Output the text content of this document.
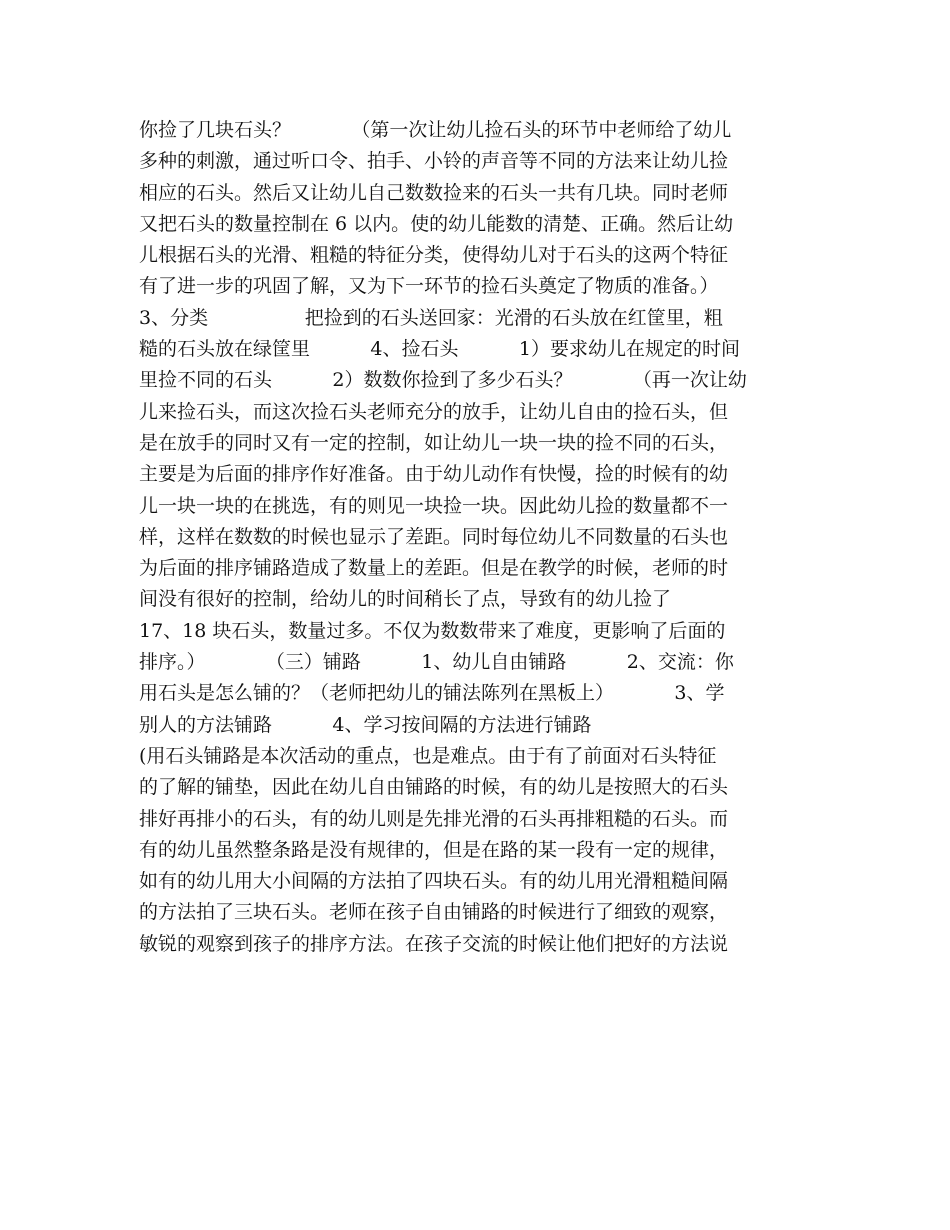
你捡了几块石头？          （第一次让幼儿捡石头的环节中老师给了幼儿
多种的刺激，通过听口令、拍手、小铃的声音等不同的方法来让幼儿捡
相应的石头。然后又让幼儿自己数数捡来的石头一共有几块。同时老师
又把石头的数量控制在 6 以内。使的幼儿能数的清楚、正确。然后让幼
儿根据石头的光滑、粗糙的特征分类，使得幼儿对于石头的这两个特征
有了进一步的巩固了解，又为下一环节的捡石头奠定了物质的准备。）
3、分类                把捡到的石头送回家：光滑的石头放在红筐里，粗
糙的石头放在绿筐里          4、捡石头          1）要求幼儿在规定的时间
里捡不同的石头          2）数数你捡到了多少石头？          （再一次让幼
儿来捡石头，而这次捡石头老师充分的放手，让幼儿自由的捡石头，但
是在放手的同时又有一定的控制，如让幼儿一块一块的捡不同的石头，
主要是为后面的排序作好准备。由于幼儿动作有快慢，捡的时候有的幼
儿一块一块的在挑选，有的则见一块捡一块。因此幼儿捡的数量都不一
样，这样在数数的时候也显示了差距。同时每位幼儿不同数量的石头也
为后面的排序铺路造成了数量上的差距。但是在教学的时候，老师的时
间没有很好的控制，给幼儿的时间稍长了点，导致有的幼儿捡了
17、18 块石头，数量过多。不仅为数数带来了难度，更影响了后面的
排序。）          （三）铺路          1、幼儿自由铺路          2、交流：你
用石头是怎么铺的？（老师把幼儿的铺法陈列在黑板上）          3、学
别人的方法铺路          4、学习按间隔的方法进行铺路
(用石头铺路是本次活动的重点，也是难点。由于有了前面对石头特征
的了解的铺垫，因此在幼儿自由铺路的时候，有的幼儿是按照大的石头
排好再排小的石头，有的幼儿则是先排光滑的石头再排粗糙的石头。而
有的幼儿虽然整条路是没有规律的，但是在路的某一段有一定的规律，
如有的幼儿用大小间隔的方法拍了四块石头。有的幼儿用光滑粗糙间隔
的方法拍了三块石头。老师在孩子自由铺路的时候进行了细致的观察，
敏锐的观察到孩子的排序方法。在孩子交流的时候让他们把好的方法说
